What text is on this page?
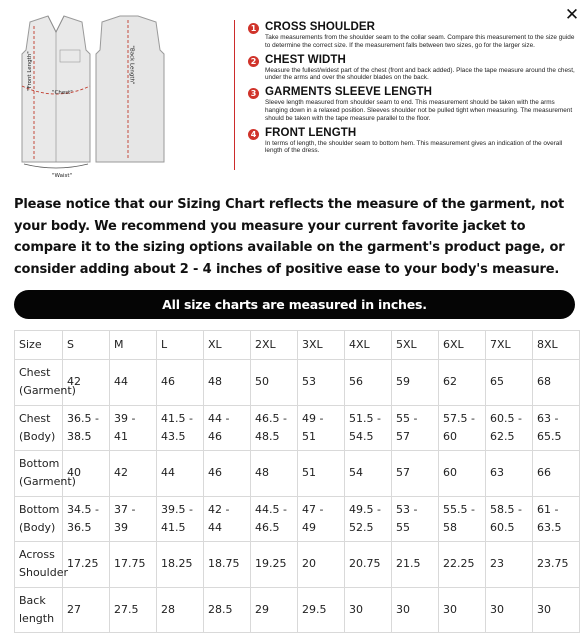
✕
"Front Length"	"Back Length"
"Chest"
"Waist"
1 CROSS SHOULDER
Take measurements from the shoulder seam to the collar seam. Compare this measurement to the size guide to determine the correct size. If the measurement falls between two sizes, go for the larger size.
2 CHEST WIDTH
Measure the fullest/widest part of the chest (front and back added). Place the tape measure around the chest, under the arms and over the shoulder blades on the back.
3 GARMENTS SLEEVE LENGTH
Sleeve length measured from shoulder seam to end. This measurement should be taken with the arms hanging down in a relaxed position. Sleeves shoulder not be pulled tight when measuring. The measurement should be taken with the tape measure parallel to the floor.
4 FRONT LENGTH
In terms of length, the shoulder seam to bottom hem. This measurement gives an indication of the overall length of the dress.

Please notice that our Sizing Chart reflects the measure of the garment, not your body. We recommend you measure your current favorite jacket to compare it to the sizing options available on the garment's product page, or consider adding about 2 - 4 inches of positive ease to your body's measure.

All size charts are measured in inches.
Size	S	M	L	XL	2XL	3XL	4XL	5XL	6XL	7XL	8XL
Chest (Garment)	42	44	46	48	50	53	56	59	62	65	68
Chest (Body)	36.5 - 38.5	39 - 41	41.5 - 43.5	44 - 46	46.5 - 48.5	49 - 51	51.5 - 54.5	55 - 57	57.5 - 60	60.5 - 62.5	63 - 65.5
Bottom (Garment)	40	42	44	46	48	51	54	57	60	63	66
Bottom (Body)	34.5 - 36.5	37 - 39	39.5 - 41.5	42 - 44	44.5 - 46.5	47 - 49	49.5 - 52.5	53 - 55	55.5 - 58	58.5 - 60.5	61 - 63.5
Across Shoulder	17.25	17.75	18.25	18.75	19.25	20	20.75	21.5	22.25	23	23.75
Back length	27	27.5	28	28.5	29	29.5	30	30	30	30	30
